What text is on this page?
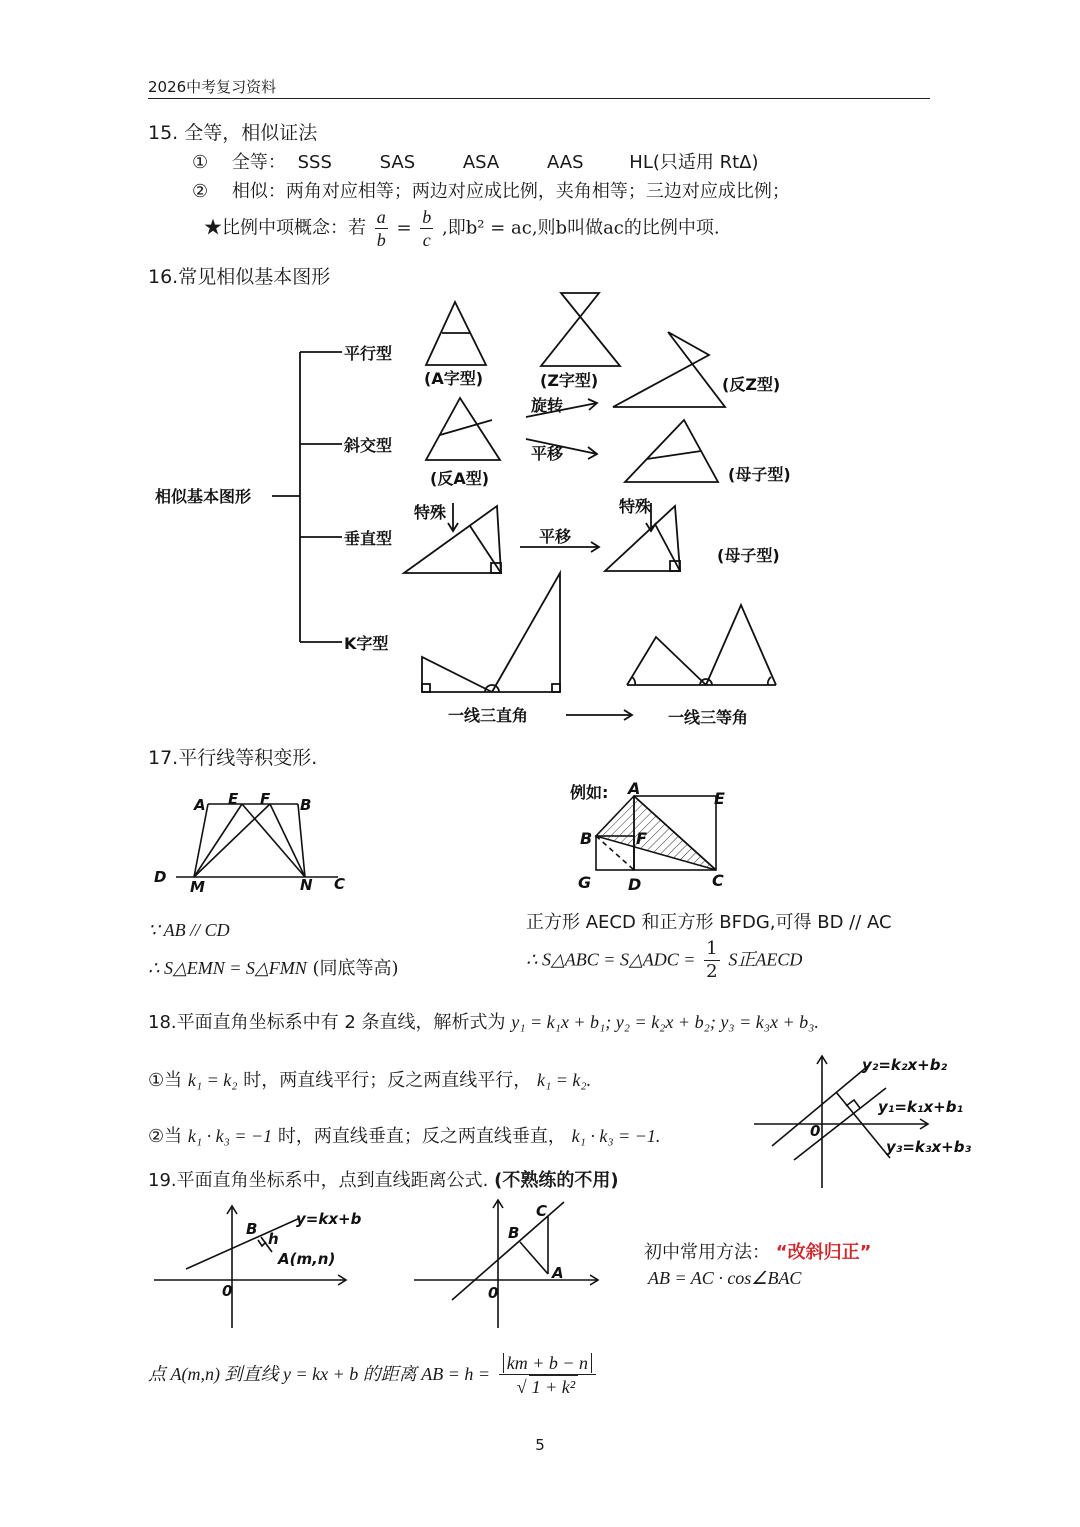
2026中考复习资料
15. 全等，相似证法
① 全等： SSS	SAS	ASA	AAS	HL(只适用 RtΔ)
② 相似：两角对应相等；两边对应成比例，夹角相等；三边对应成比例；
★比例中项概念：若 $\frac{a}{b} = \frac{b}{c}$ ,即b² = ac,则b叫做ac的比例中项.
16.常见相似基本图形
相似基本图形
平行型
斜交型
垂直型
K字型
(A字型)	(Z字型)	(反Z型)
(反A型)	(母子型)
(母子型)
旋转
平移
平移
特殊	特殊
一线三直角	一线三等角
17.平行线等积变形.
A E F B
D
M	N C
例如: A
E
B	F
G D	C
∵ AB // CD
∴ S△EMN = S△FMN (同底等高)
正方形 AECD 和正方形 BFDG,可得 BD // AC
∴ S△ABC = S△ADC = $\frac{1}{2}$ S正AECD
18.平面直角坐标系中有 2 条直线，解析式为 y₁ = k₁x + b₁; y₂ = k₂x + b₂; y₃ = k₃x + b₃.
①当 k₁ = k₂ 时，两直线平行；反之两直线平行， k₁ = k₂.
②当 k₁ · k₃ = −1 时，两直线垂直；反之两直线垂直， k₁ · k₃ = −1.
y₂=k₂x+b₂
y₁=k₁x+b₁
y₃=k₃x+b₃
0
19.平面直角坐标系中，点到直线距离公式. (不熟练的不用)
B
h
y=kx+b
A(m,n)
0
C
B
A
0
初中常用方法： “改斜归正”
AB = AC · cos∠BAC
点 A(m,n) 到直线 y = kx + b 的距离 AB = $h = \frac{km + b - n}{\text{√ 1 + k²}}$
5
